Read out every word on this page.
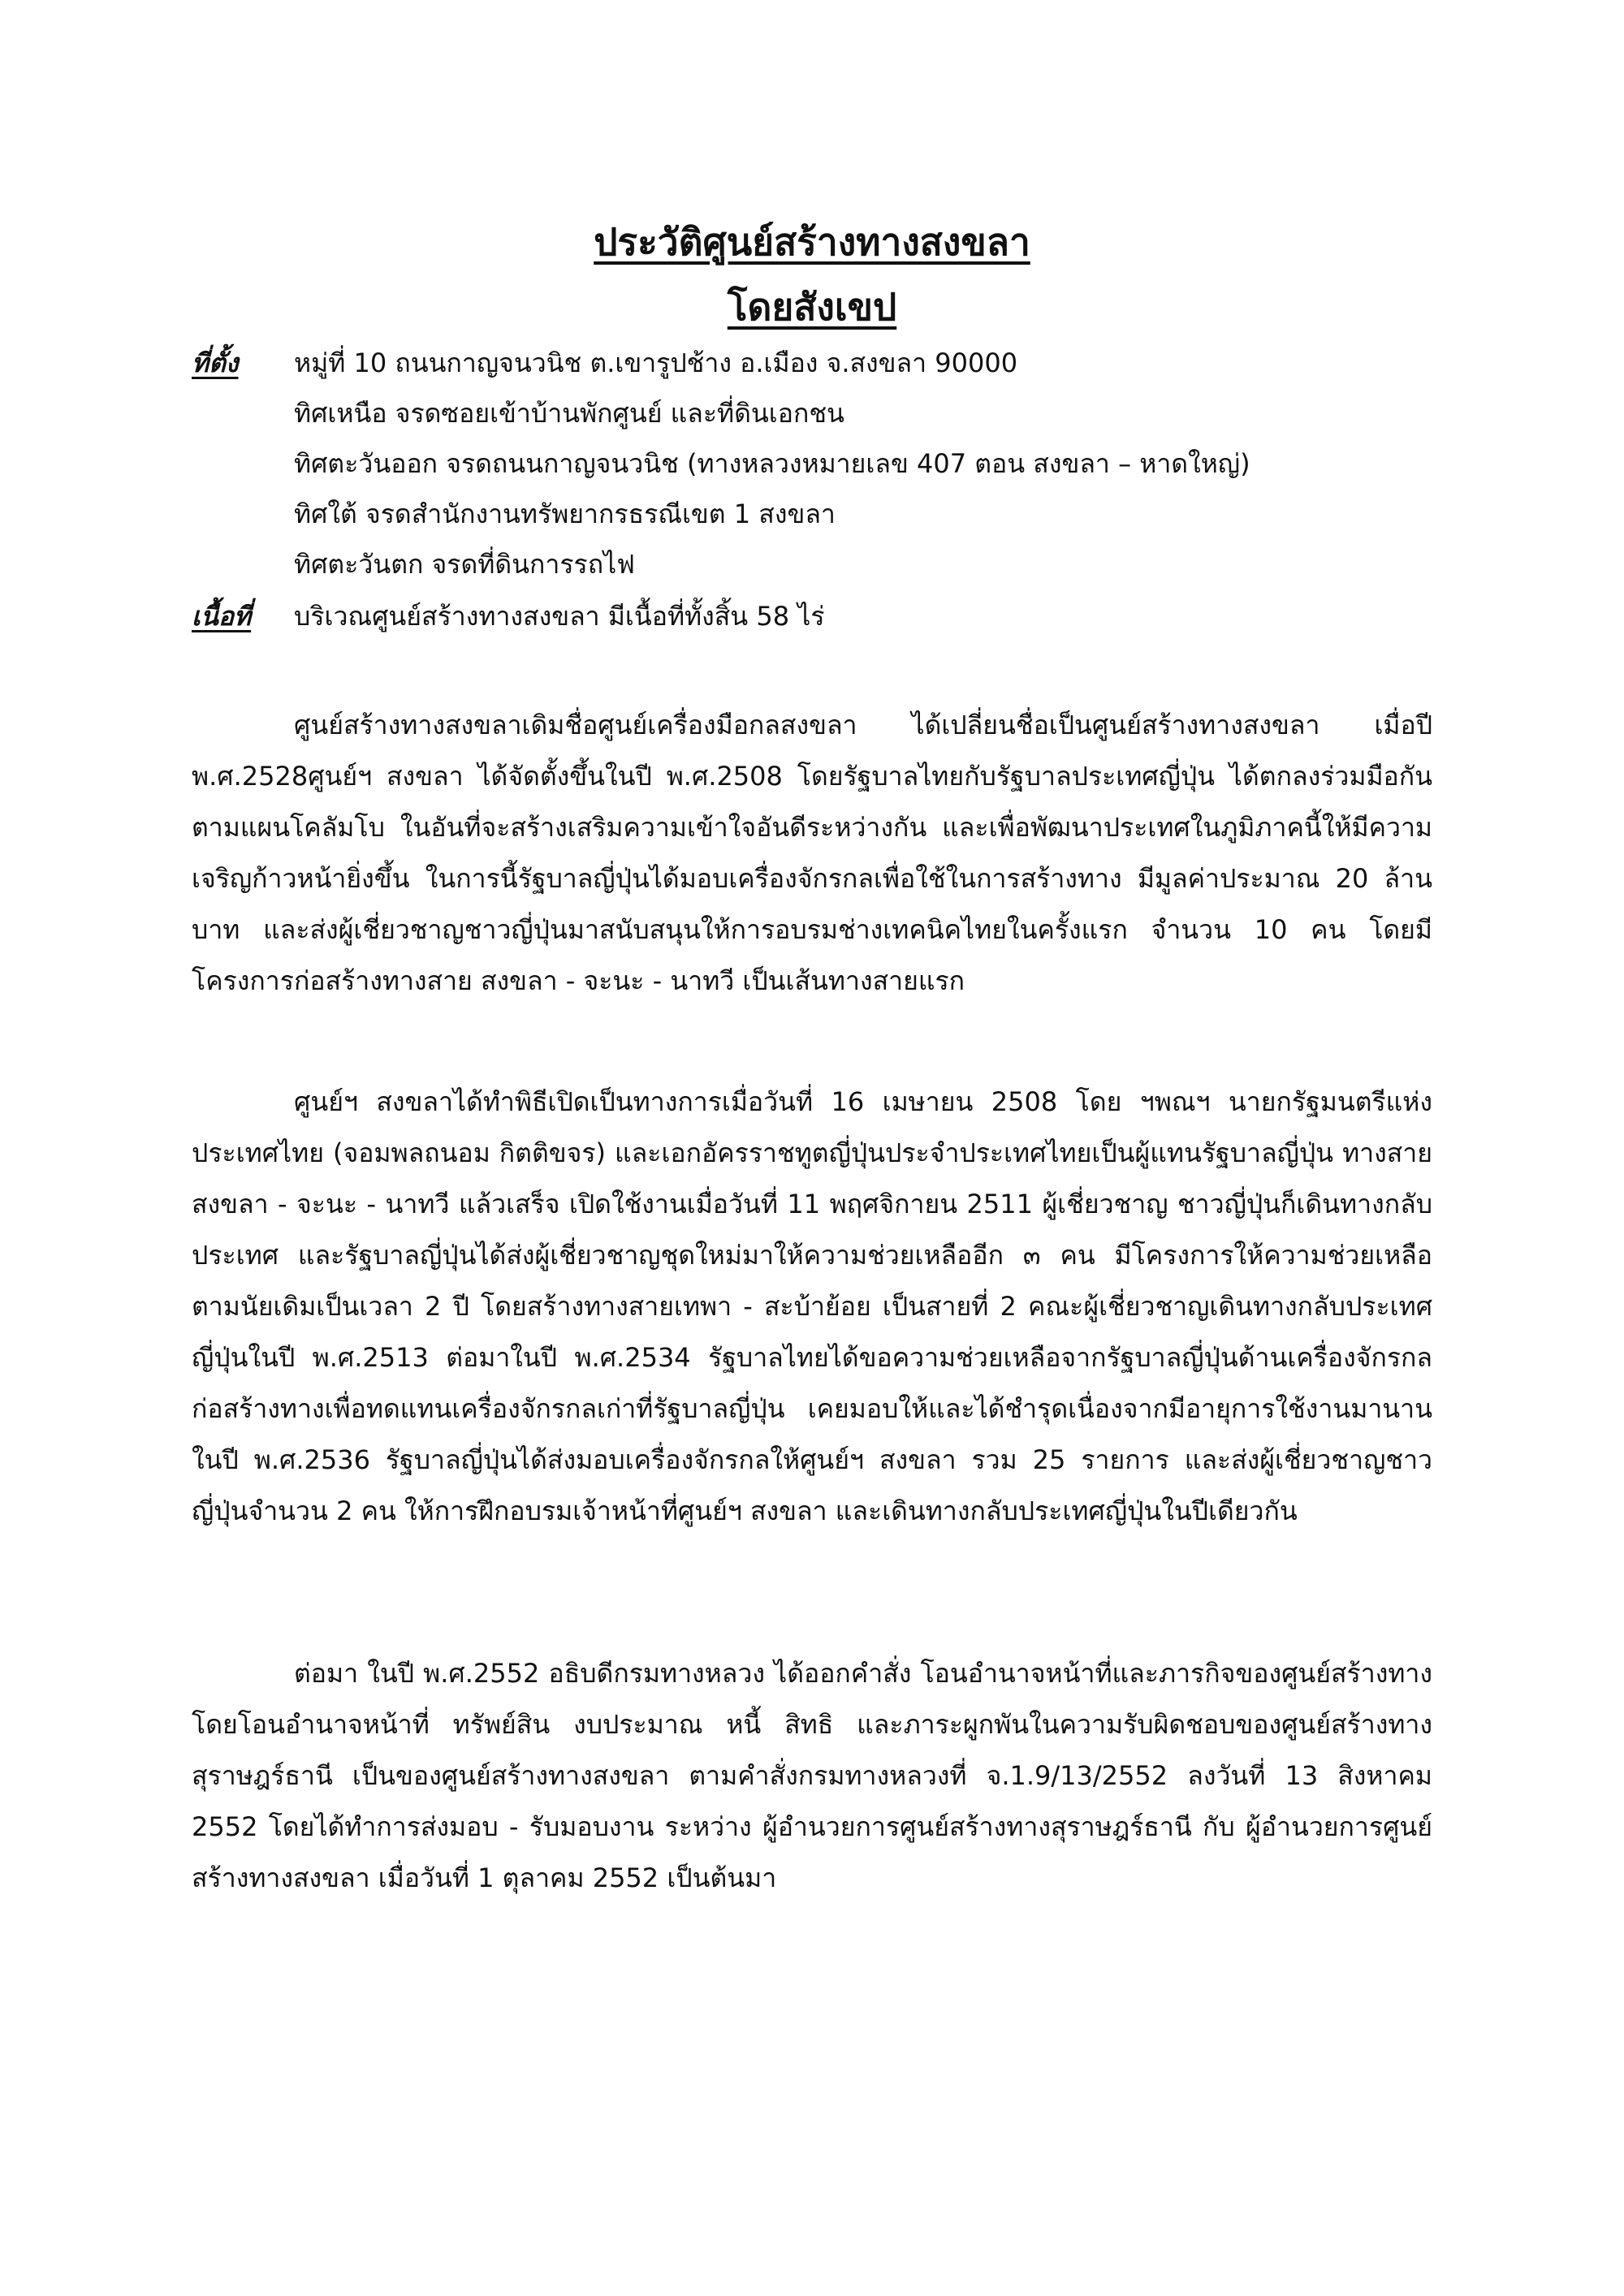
ประวัติศูนย์สร้างทางสงขลา
โดยสังเขป
ที่ตั้ง หมู่ที่ 10 ถนนกาญจนวนิช ต.เขารูปช้าง อ.เมือง จ.สงขลา 90000
ทิศเหนือ จรดซอยเข้าบ้านพักศูนย์ และที่ดินเอกชน
ทิศตะวันออก จรดถนนกาญจนวนิช (ทางหลวงหมายเลข 407 ตอน สงขลา – หาดใหญ่)
ทิศใต้ จรดสำนักงานทรัพยากรธรณีเขต 1 สงขลา
ทิศตะวันตก จรดที่ดินการรถไฟ
เนื้อที่ บริเวณศูนย์สร้างทางสงขลา มีเนื้อที่ทั้งสิ้น 58 ไร่

ศูนย์สร้างทางสงขลาเดิมชื่อศูนย์เครื่องมือกลสงขลา ได้เปลี่ยนชื่อเป็นศูนย์สร้างทางสงขลา เมื่อปี พ.ศ.2528ศูนย์ฯ สงขลา ได้จัดตั้งขึ้นในปี พ.ศ.2508 โดยรัฐบาลไทยกับรัฐบาลประเทศญี่ปุ่น ได้ตกลงร่วมมือกันตามแผนโคลัมโบ ในอันที่จะสร้างเสริมความเข้าใจอันดีระหว่างกัน และเพื่อพัฒนาประเทศในภูมิภาคนี้ให้มีความเจริญก้าวหน้ายิ่งขึ้น ในการนี้รัฐบาลญี่ปุ่นได้มอบเครื่องจักรกลเพื่อใช้ในการสร้างทาง มีมูลค่าประมาณ 20 ล้านบาท และส่งผู้เชี่ยวชาญชาวญี่ปุ่นมาสนับสนุนให้การอบรมช่างเทคนิคไทยในครั้งแรก จำนวน 10 คน โดยมีโครงการก่อสร้างทางสาย สงขลา - จะนะ - นาทวี เป็นเส้นทางสายแรก

ศูนย์ฯ สงขลาได้ทำพิธีเปิดเป็นทางการเมื่อวันที่ 16 เมษายน 2508 โดย ฯพณฯ นายกรัฐมนตรีแห่งประเทศไทย (จอมพลถนอม กิตติขจร) และเอกอัครราชทูตญี่ปุ่นประจำประเทศไทยเป็นผู้แทนรัฐบาลญี่ปุ่น ทางสาย สงขลา - จะนะ - นาทวี แล้วเสร็จ เปิดใช้งานเมื่อวันที่ 11 พฤศจิกายน 2511 ผู้เชี่ยวชาญ ชาวญี่ปุ่นก็เดินทางกลับประเทศ และรัฐบาลญี่ปุ่นได้ส่งผู้เชี่ยวชาญชุดใหม่มาให้ความช่วยเหลืออีก ๓ คน มีโครงการให้ความช่วยเหลือตามนัยเดิมเป็นเวลา 2 ปี โดยสร้างทางสายเทพา - สะบ้าย้อย เป็นสายที่ 2 คณะผู้เชี่ยวชาญเดินทางกลับประเทศญี่ปุ่นในปี พ.ศ.2513 ต่อมาในปี พ.ศ.2534 รัฐบาลไทยได้ขอความช่วยเหลือจากรัฐบาลญี่ปุ่นด้านเครื่องจักรกลก่อสร้างทางเพื่อทดแทนเครื่องจักรกลเก่าที่รัฐบาลญี่ปุ่น เคยมอบให้และได้ชำรุดเนื่องจากมีอายุการใช้งานมานาน ในปี พ.ศ.2536 รัฐบาลญี่ปุ่นได้ส่งมอบเครื่องจักรกลให้ศูนย์ฯ สงขลา รวม 25 รายการ และส่งผู้เชี่ยวชาญชาวญี่ปุ่นจำนวน 2 คน ให้การฝึกอบรมเจ้าหน้าที่ศูนย์ฯ สงขลา และเดินทางกลับประเทศญี่ปุ่นในปีเดียวกัน

ต่อมา ในปี พ.ศ.2552 อธิบดีกรมทางหลวง ได้ออกคำสั่ง โอนอำนาจหน้าที่และภารกิจของศูนย์สร้างทาง โดยโอนอำนาจหน้าที่ ทรัพย์สิน งบประมาณ หนี้ สิทธิ และภาระผูกพันในความรับผิดชอบของศูนย์สร้างทางสุราษฎร์ธานี เป็นของศูนย์สร้างทางสงขลา ตามคำสั่งกรมทางหลวงที่ จ.1.9/13/2552 ลงวันที่ 13 สิงหาคม 2552 โดยได้ทำการส่งมอบ - รับมอบงาน ระหว่าง ผู้อำนวยการศูนย์สร้างทางสุราษฎร์ธานี กับ ผู้อำนวยการศูนย์สร้างทางสงขลา เมื่อวันที่ 1 ตุลาคม 2552 เป็นต้นมา
